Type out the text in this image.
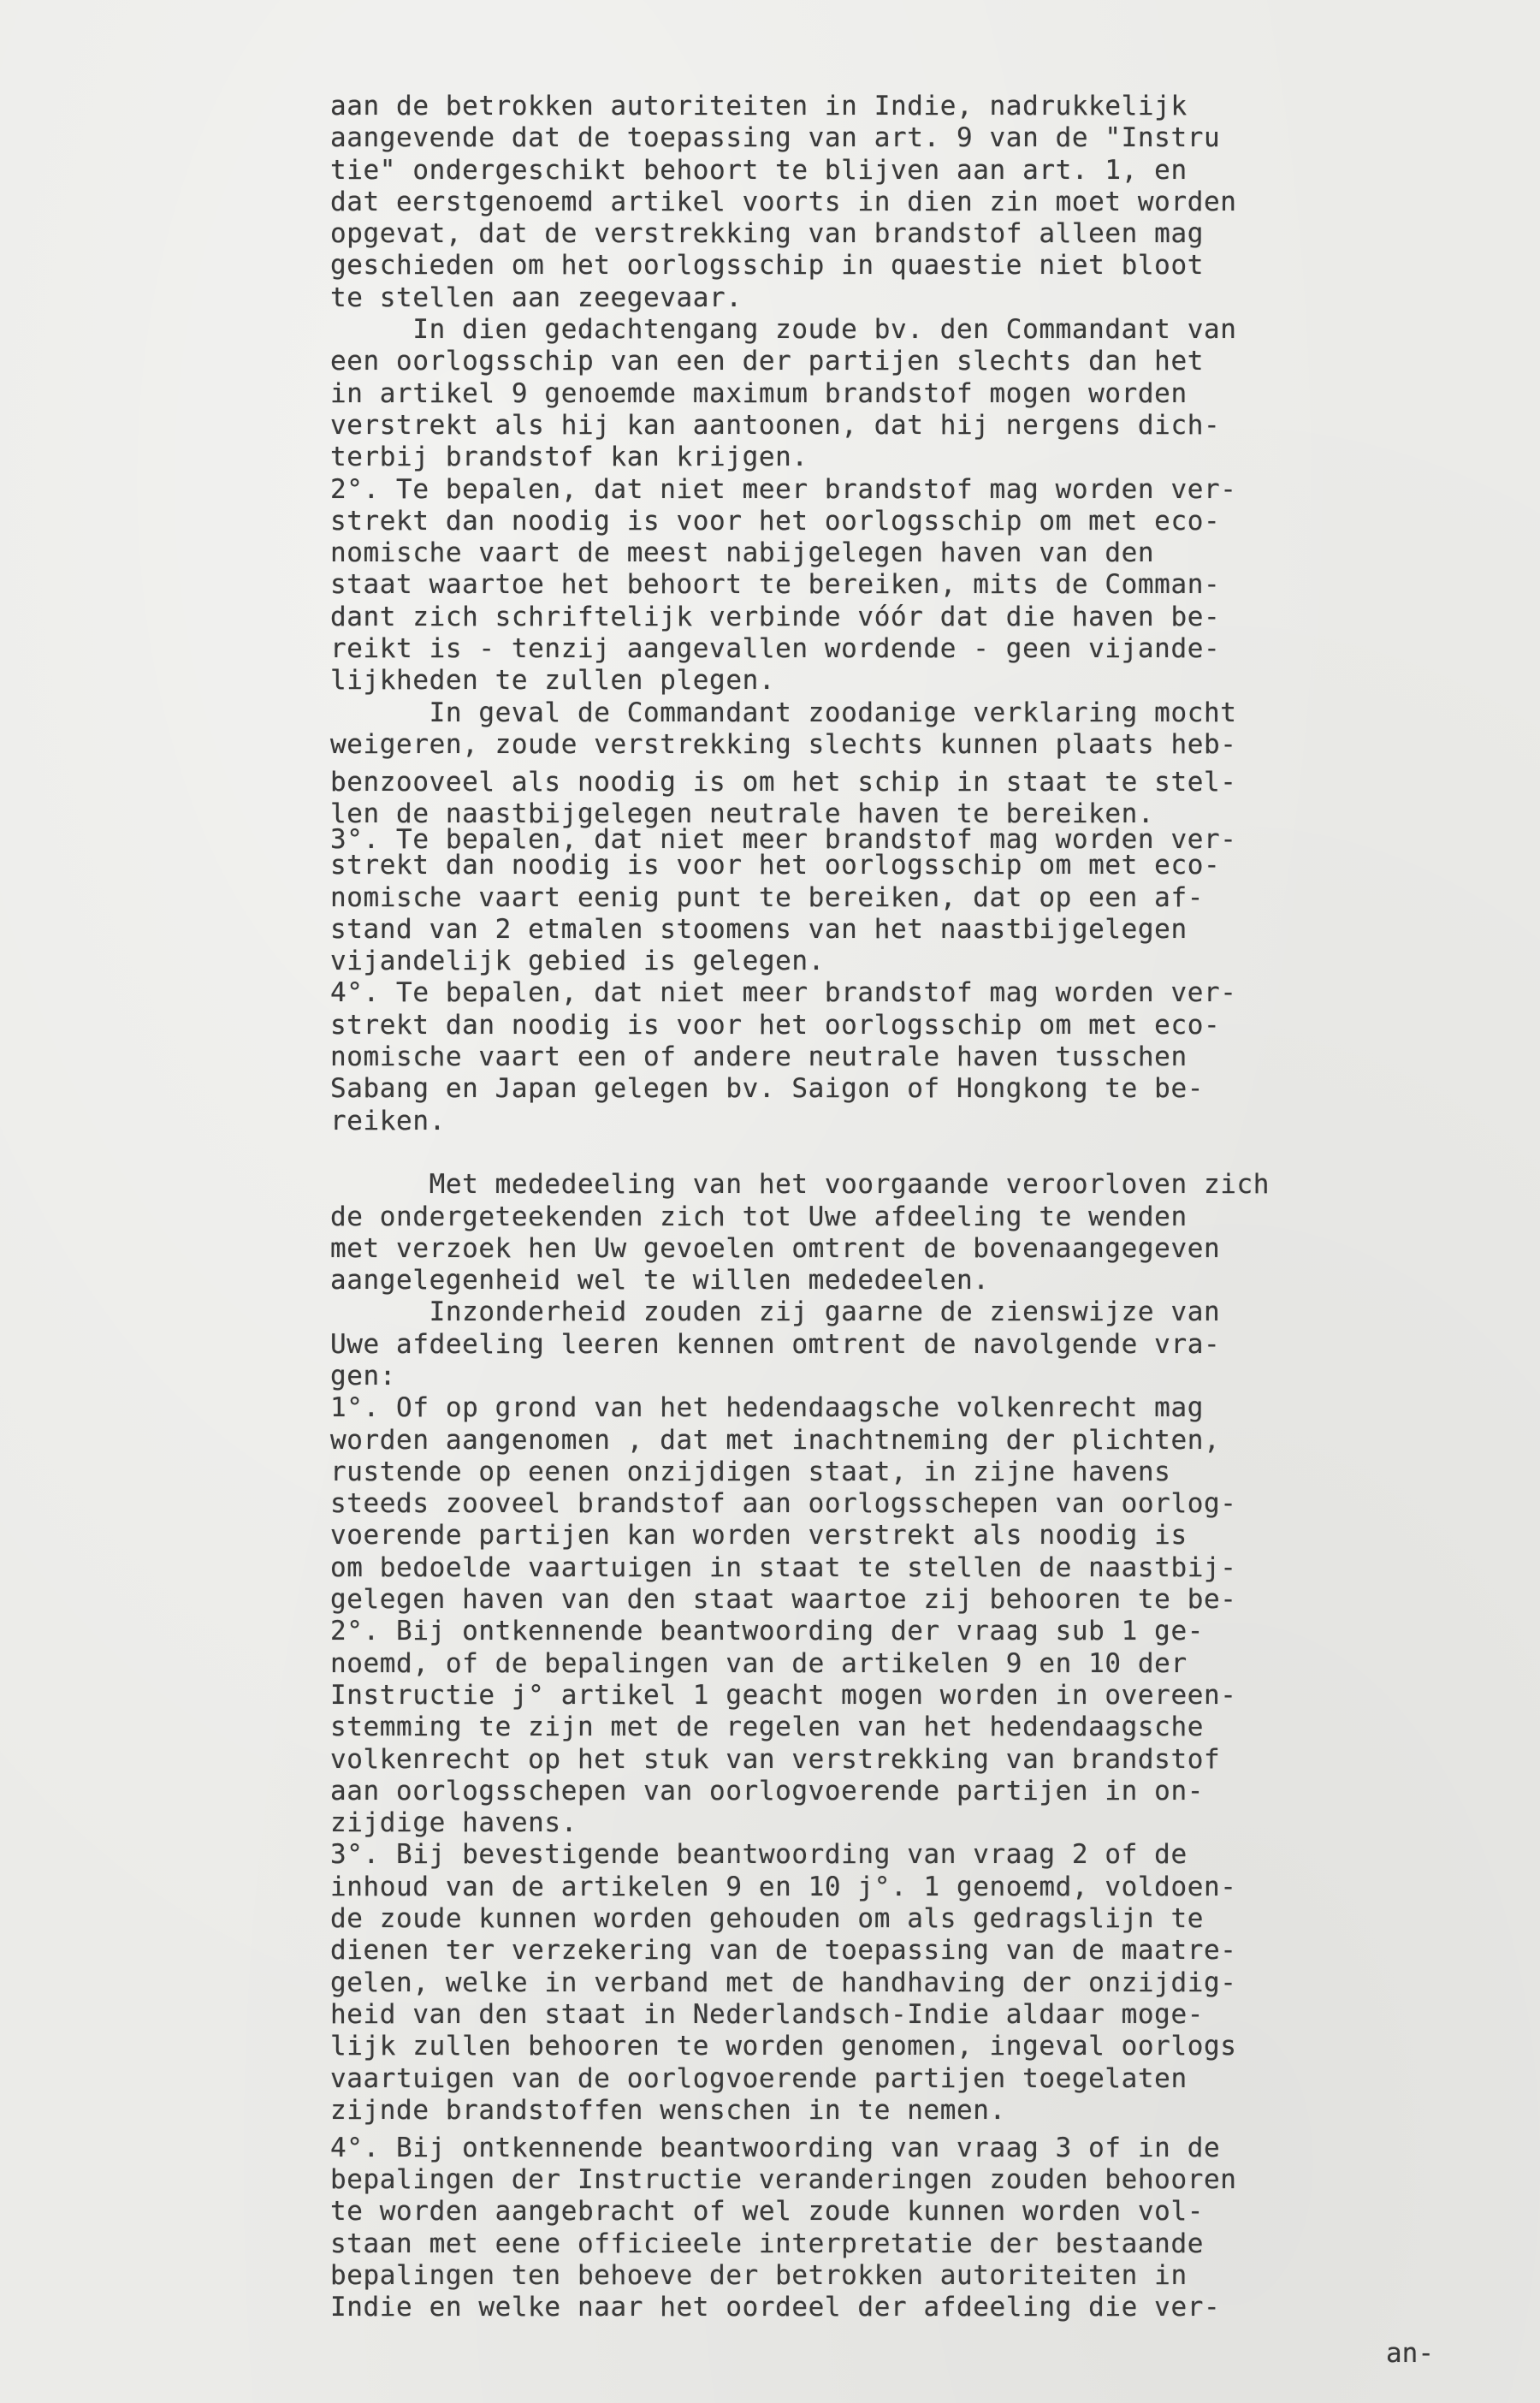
aan de betrokken autoriteiten in Indie, nadrukkelijk
aangevende dat de toepassing van art. 9 van de "Instru
tie" ondergeschikt behoort te blijven aan art. 1, en
dat eerstgenoemd artikel voorts in dien zin moet worden
opgevat, dat de verstrekking van brandstof alleen mag
geschieden om het oorlogsschip in quaestie niet bloot
te stellen aan zeegevaar.
In dien gedachtengang zoude bv. den Commandant van
een oorlogsschip van een der partijen slechts dan het
in artikel 9 genoemde maximum brandstof mogen worden
verstrekt als hij kan aantoonen, dat hij nergens dich-
terbij brandstof kan krijgen.
2°. Te bepalen, dat niet meer brandstof mag worden ver-
strekt dan noodig is voor het oorlogsschip om met eco-
nomische vaart de meest nabijgelegen haven van den
staat waartoe het behoort te bereiken, mits de Comman-
dant zich schriftelijk verbinde vóór dat die haven be-
reikt is - tenzij aangevallen wordende - geen vijande-
lijkheden te zullen plegen.
In geval de Commandant zoodanige verklaring mocht
weigeren, zoude verstrekking slechts kunnen plaats heb-
benzooveel als noodig is om het schip in staat te stel-
len de naastbijgelegen neutrale haven te bereiken.
3°. Te bepalen, dat niet meer brandstof mag worden ver-
strekt dan noodig is voor het oorlogsschip om met eco-
nomische vaart eenig punt te bereiken, dat op een af-
stand van 2 etmalen stoomens van het naastbijgelegen
vijandelijk gebied is gelegen.
4°. Te bepalen, dat niet meer brandstof mag worden ver-
strekt dan noodig is voor het oorlogsschip om met eco-
nomische vaart een of andere neutrale haven tusschen
Sabang en Japan gelegen bv. Saigon of Hongkong te be-
reiken.
Met mededeeling van het voorgaande veroorloven zich
de ondergeteekenden zich tot Uwe afdeeling te wenden
met verzoek hen Uw gevoelen omtrent de bovenaangegeven
aangelegenheid wel te willen mededeelen.
Inzonderheid zouden zij gaarne de zienswijze van
Uwe afdeeling leeren kennen omtrent de navolgende vra-
gen:
1°. Of op grond van het hedendaagsche volkenrecht mag
worden aangenomen , dat met inachtneming der plichten,
rustende op eenen onzijdigen staat, in zijne havens
steeds zooveel brandstof aan oorlogsschepen van oorlog-
voerende partijen kan worden verstrekt als noodig is
om bedoelde vaartuigen in staat te stellen de naastbij-
gelegen haven van den staat waartoe zij behooren te be-
2°. Bij ontkennende beantwoording der vraag sub 1 ge-
noemd, of de bepalingen van de artikelen 9 en 10 der
Instructie j° artikel 1 geacht mogen worden in overeen-
stemming te zijn met de regelen van het hedendaagsche
volkenrecht op het stuk van verstrekking van brandstof
aan oorlogsschepen van oorlogvoerende partijen in on-
zijdige havens.
3°. Bij bevestigende beantwoording van vraag 2 of de
inhoud van de artikelen 9 en 10 j°. 1 genoemd, voldoen-
de zoude kunnen worden gehouden om als gedragslijn te
dienen ter verzekering van de toepassing van de maatre-
gelen, welke in verband met de handhaving der onzijdig-
heid van den staat in Nederlandsch-Indie aldaar moge-
lijk zullen behooren te worden genomen, ingeval oorlogs
vaartuigen van de oorlogvoerende partijen toegelaten
zijnde brandstoffen wenschen in te nemen.
4°. Bij ontkennende beantwoording van vraag 3 of in de
bepalingen der Instructie veranderingen zouden behooren
te worden aangebracht of wel zoude kunnen worden vol-
staan met eene officieele interpretatie der bestaande
bepalingen ten behoeve der betrokken autoriteiten in
Indie en welke naar het oordeel der afdeeling die ver-
an-
